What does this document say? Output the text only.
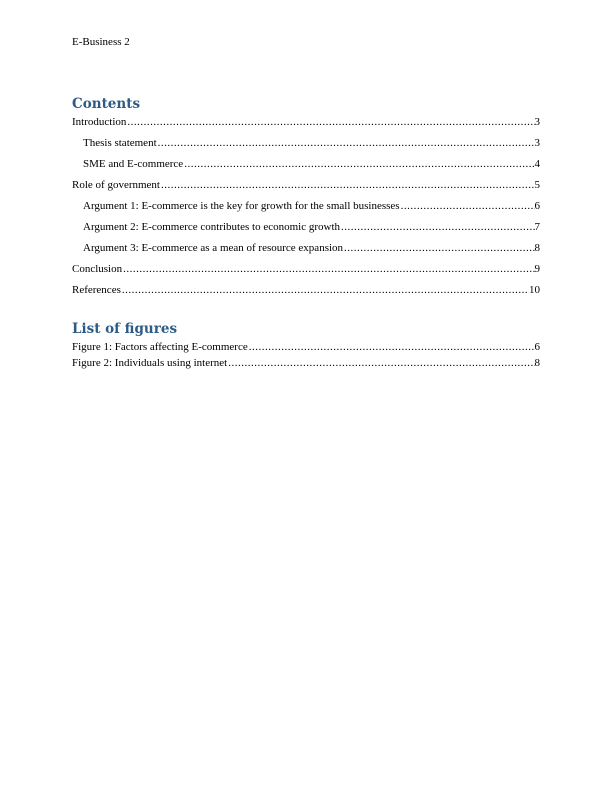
E-Business 2
Contents
Introduction .....	3
Thesis statement .....	3
SME and E-commerce .....	4
Role of government .....	5
Argument 1: E-commerce is the key for growth for the small businesses .....	6
Argument 2: E-commerce contributes to economic growth .....	7
Argument 3: E-commerce as a mean of resource expansion .....	8
Conclusion .....	9
References .....	10
List of figures
Figure 1: Factors affecting E-commerce .....	6
Figure 2: Individuals using internet .....	8
